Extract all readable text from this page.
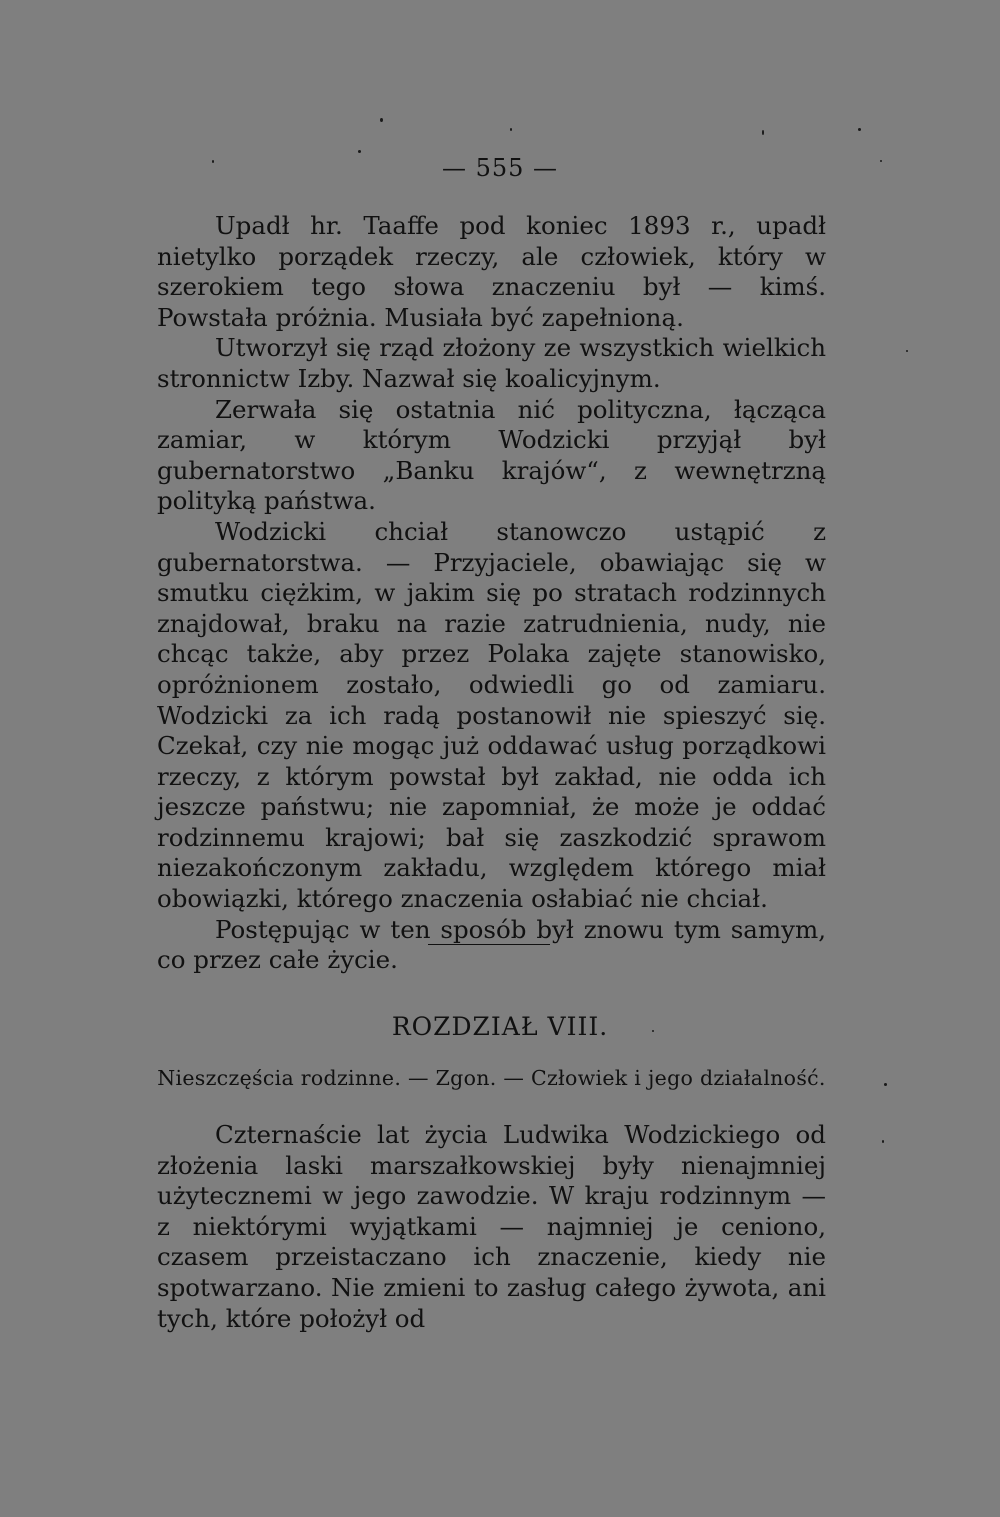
— 555 —

Upadł hr. Taaffe pod koniec 1893 r., upadł nietylko porządek rzeczy, ale człowiek, który w szerokiem tego słowa znaczeniu był — kimś. Powstała próżnia. Musiała być zapełnioną.

Utworzył się rząd złożony ze wszystkich wielkich stronnictw Izby. Nazwał się koalicyjnym.

Zerwała się ostatnia nić polityczna, łącząca zamiar, w którym Wodzicki przyjął był gubernatorstwo „Banku krajów“, z wewnętrzną polityką państwa.

Wodzicki chciał stanowczo ustąpić z gubernatorstwa. — Przyjaciele, obawiając się w smutku ciężkim, w jakim się po stratach rodzinnych znajdował, braku na razie zatrudnienia, nudy, nie chcąc także, aby przez Polaka zajęte stanowisko, opróżnionem zostało, odwiedli go od zamiaru. Wodzicki za ich radą postanowił nie spieszyć się. Czekał, czy nie mogąc już oddawać usług porządkowi rzeczy, z którym powstał był zakład, nie odda ich jeszcze państwu; nie zapomniał, że może je oddać rodzinnemu krajowi; bał się zaszkodzić sprawom niezakończonym zakładu, względem którego miał obowiązki, którego znaczenia osłabiać nie chciał.

Postępując w ten sposób był znowu tym samym, co przez całe życie.

ROZDZIAŁ VIII.
Nieszczęścia rodzinne. — Zgon. — Człowiek i jego działalność.

Czternaście lat życia Ludwika Wodzickiego od złożenia laski marszałkowskiej były nienajmniej użytecznemi w jego zawodzie. W kraju rodzinnym — z niektórymi wyjątkami — najmniej je ceniono, czasem przeistaczano ich znaczenie, kiedy nie spotwarzano. Nie zmieni to zasług całego żywota, ani tych, które położył od
